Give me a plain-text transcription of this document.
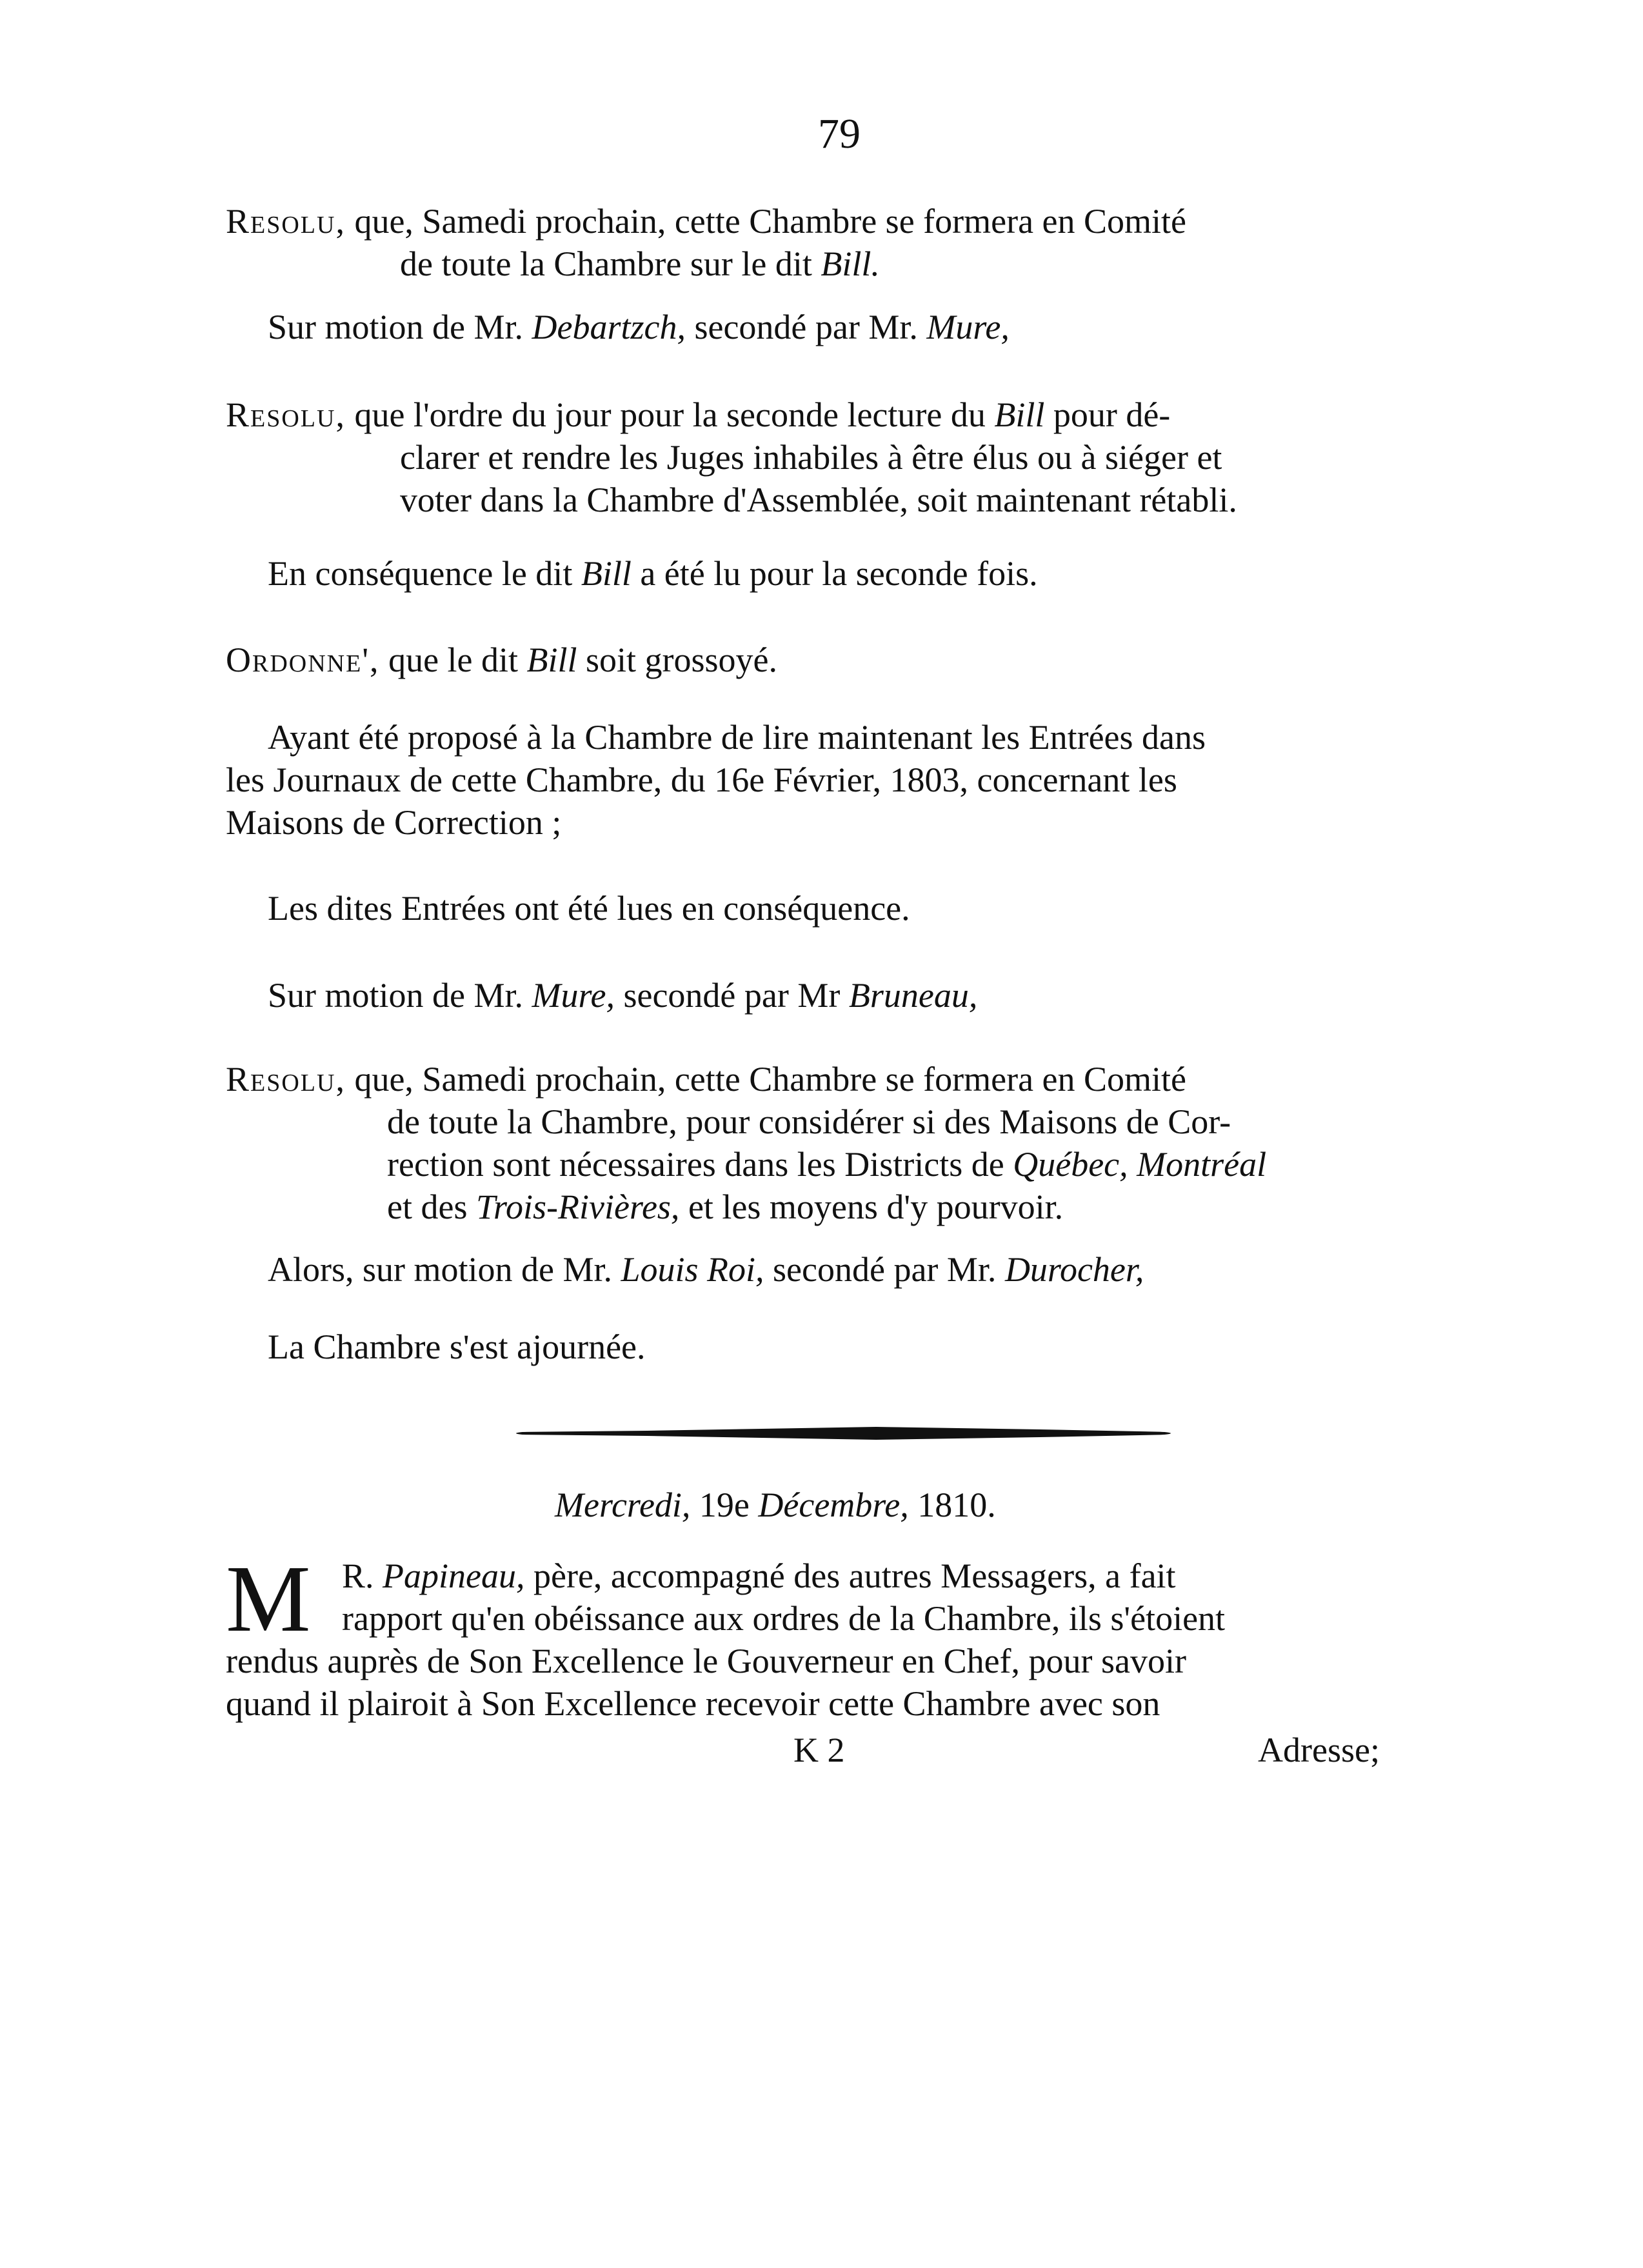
79
Resolu, que, Samedi prochain, cette Chambre se formera en Comité
de toute la Chambre sur le dit Bill.
Sur motion de Mr. Debartzch, secondé par Mr. Mure,
Resolu, que l'ordre du jour pour la seconde lecture du Bill pour dé-
clarer et rendre les Juges inhabiles à être élus ou à siéger et
voter dans la Chambre d'Assemblée, soit maintenant rétabli.
En conséquence le dit Bill a été lu pour la seconde fois.
Ordonne', que le dit Bill soit grossoyé.
Ayant été proposé à la Chambre de lire maintenant les Entrées dans
les Journaux de cette Chambre, du 16e Février, 1803, concernant les
Maisons de Correction ;
Les dites Entrées ont été lues en conséquence.
Sur motion de Mr. Mure, secondé par Mr Bruneau,
Resolu, que, Samedi prochain, cette Chambre se formera en Comité
de toute la Chambre, pour considérer si des Maisons de Cor-
rection sont nécessaires dans les Districts de Québec, Montréal
et des Trois-Rivières, et les moyens d'y pourvoir.
Alors, sur motion de Mr. Louis Roi, secondé par Mr. Durocher,
La Chambre s'est ajournée.
Mercredi, 19e Décembre, 1810.
M R. Papineau, père, accompagné des autres Messagers, a fait
rapport qu'en obéissance aux ordres de la Chambre, ils s'étoient
rendus auprès de Son Excellence le Gouverneur en Chef, pour savoir
quand il plairoit à Son Excellence recevoir cette Chambre avec son
K 2	Adresse;
